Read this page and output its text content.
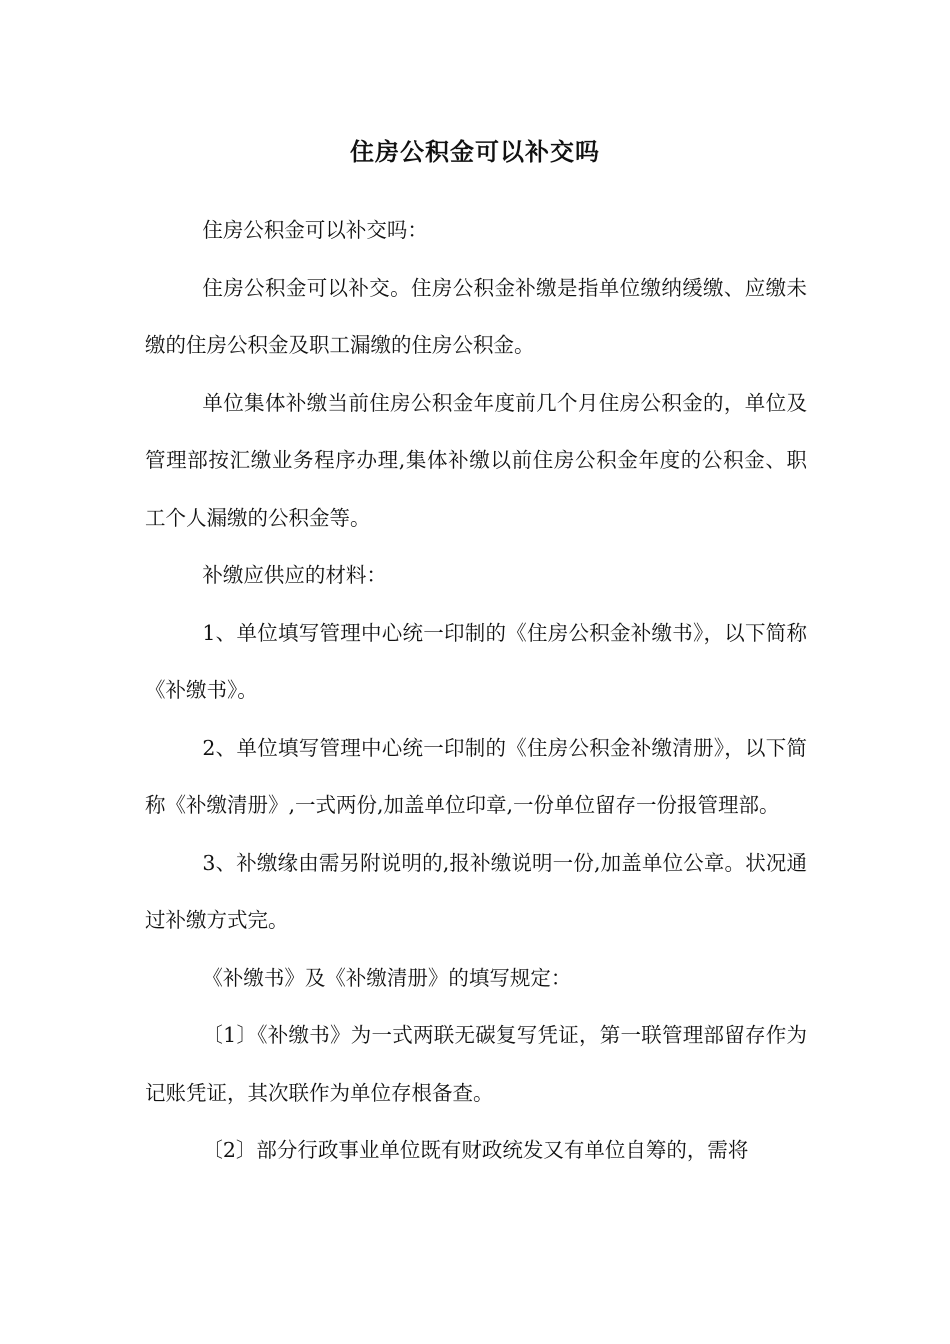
住房公积金可以补交吗

住房公积金可以补交吗：

住房公积金可以补交。住房公积金补缴是指单位缴纳缓缴、应缴未缴的住房公积金及职工漏缴的住房公积金。

单位集体补缴当前住房公积金年度前几个月住房公积金的，单位及管理部按汇缴业务程序办理,集体补缴以前住房公积金年度的公积金、职工个人漏缴的公积金等。

补缴应供应的材料：

1、单位填写管理中心统一印制的《住房公积金补缴书》，以下简称《补缴书》。

2、单位填写管理中心统一印制的《住房公积金补缴清册》，以下简称《补缴清册》,一式两份,加盖单位印章,一份单位留存一份报管理部。

3、补缴缘由需另附说明的,报补缴说明一份,加盖单位公章。状况通过补缴方式完。

《补缴书》及《补缴清册》的填写规定：

〔1〕《补缴书》为一式两联无碳复写凭证，第一联管理部留存作为记账凭证，其次联作为单位存根备查。

〔2〕部分行政事业单位既有财政统发又有单位自筹的，需将
